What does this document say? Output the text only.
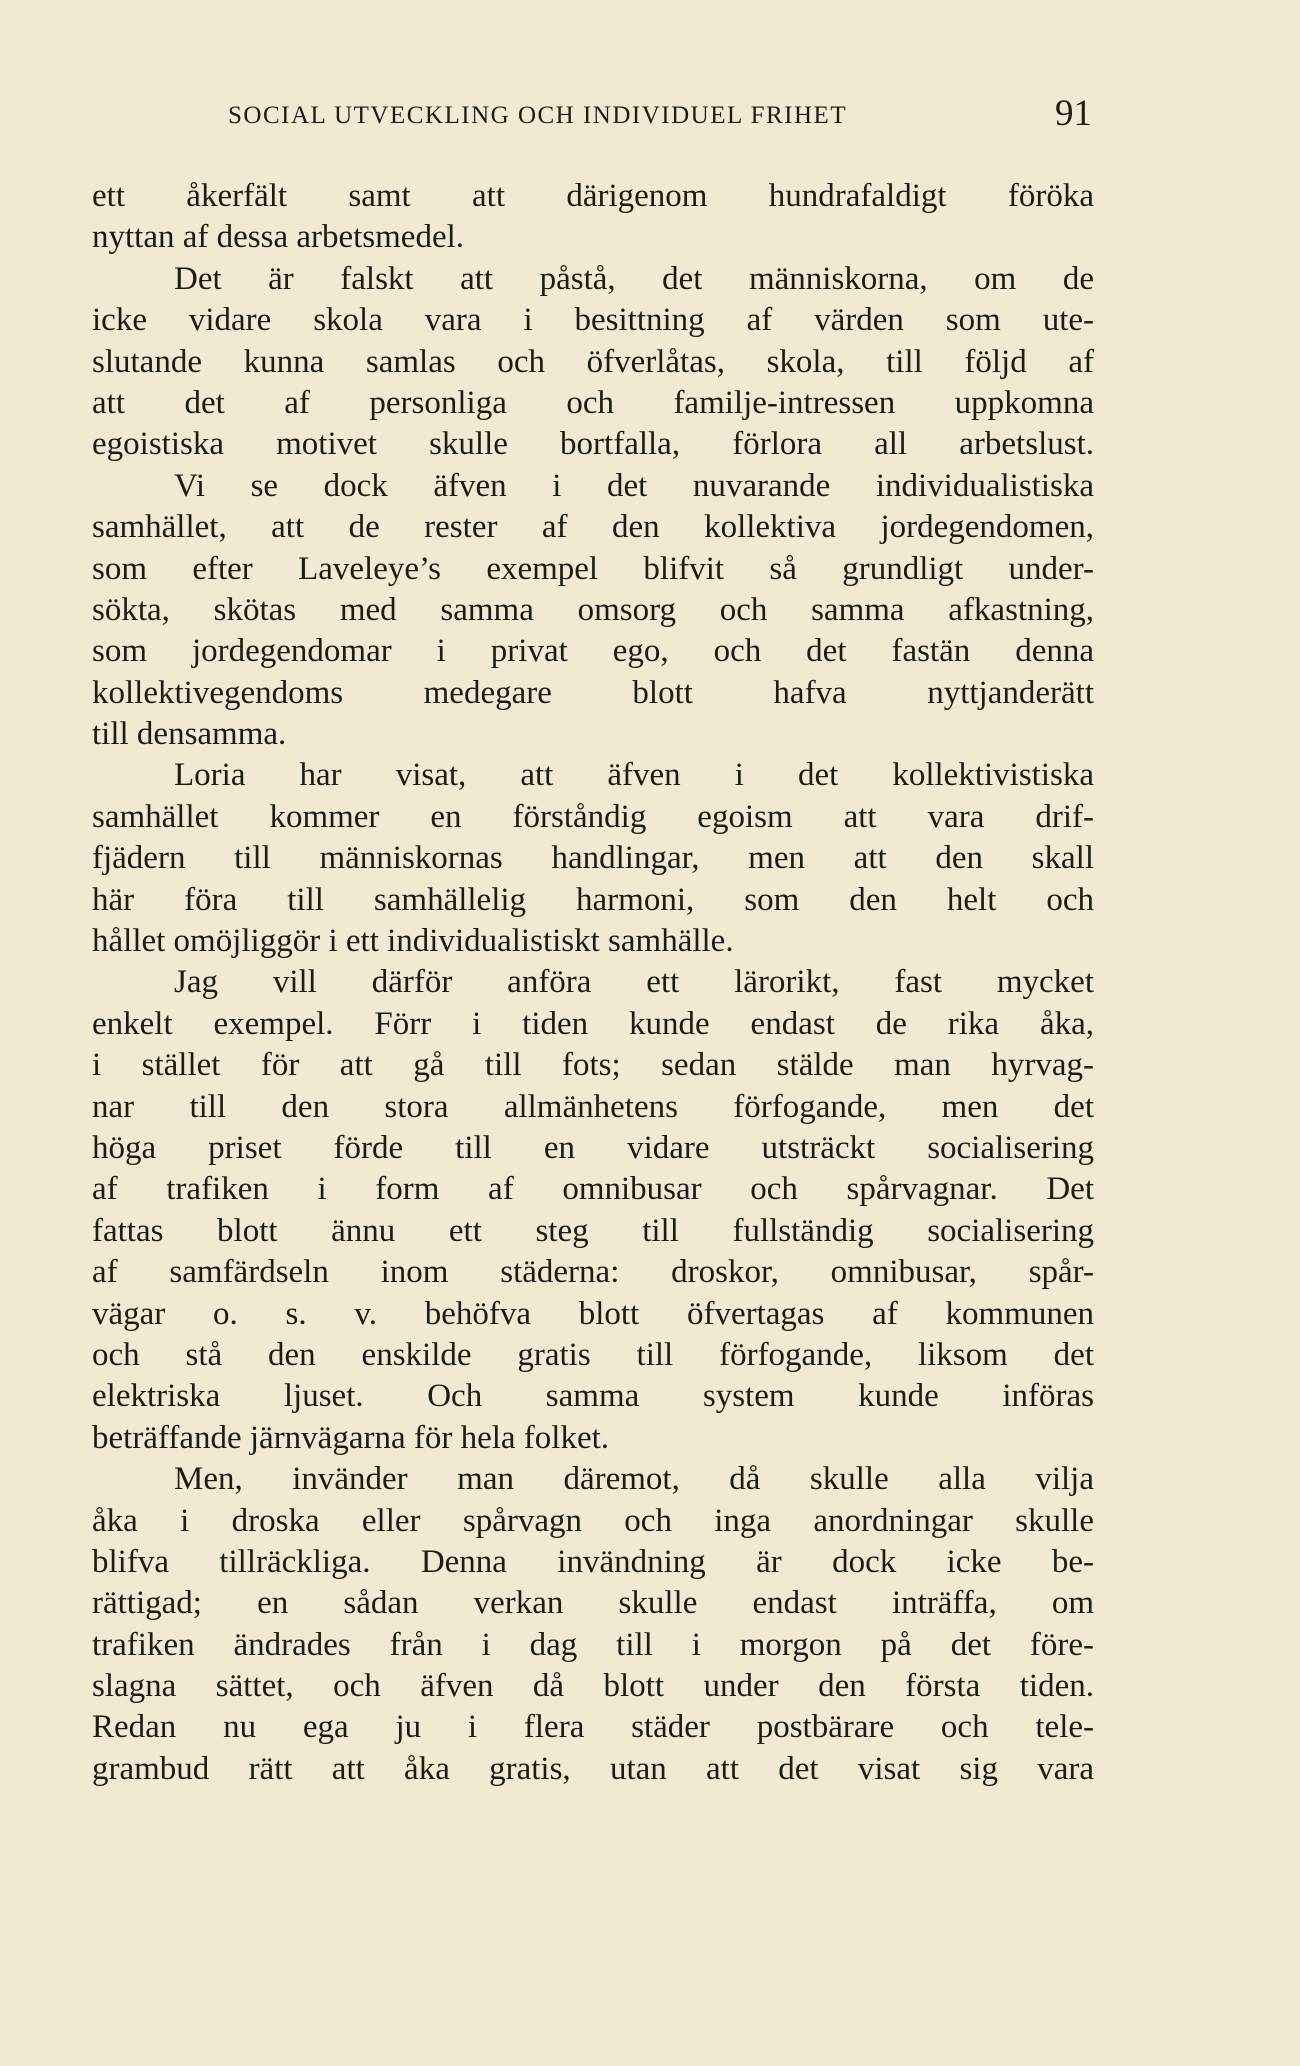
SOCIAL UTVECKLING OCH INDIVIDUEL FRIHET	91
ett åkerfält samt att därigenom hundrafaldigt föröka
nyttan af dessa arbetsmedel.
Det är falskt att påstå, det människorna, om de
icke vidare skola vara i besittning af värden som ute-
slutande kunna samlas och öfverlåtas, skola, till följd af
att det af personliga och familje-intressen uppkomna
egoistiska motivet skulle bortfalla, förlora all arbetslust.
Vi se dock äfven i det nuvarande individualistiska
samhället, att de rester af den kollektiva jordegendomen,
som efter Laveleye’s exempel blifvit så grundligt under-
sökta, skötas med samma omsorg och samma afkastning,
som jordegendomar i privat ego, och det fastän denna
kollektivegendoms medegare blott hafva nyttjanderätt
till densamma.
Loria har visat, att äfven i det kollektivistiska
samhället kommer en förståndig egoism att vara drif-
fjädern till människornas handlingar, men att den skall
här föra till samhällelig harmoni, som den helt och
hållet omöjliggör i ett individualistiskt samhälle.
Jag vill därför anföra ett lärorikt, fast mycket
enkelt exempel. Förr i tiden kunde endast de rika åka,
i stället för att gå till fots; sedan stälde man hyrvag-
nar till den stora allmänhetens förfogande, men det
höga priset förde till en vidare utsträckt socialisering
af trafiken i form af omnibusar och spårvagnar. Det
fattas blott ännu ett steg till fullständig socialisering
af samfärdseln inom städerna: droskor, omnibusar, spår-
vägar o. s. v. behöfva blott öfvertagas af kommunen
och stå den enskilde gratis till förfogande, liksom det
elektriska ljuset. Och samma system kunde införas
beträffande järnvägarna för hela folket.
Men, invänder man däremot, då skulle alla vilja
åka i droska eller spårvagn och inga anordningar skulle
blifva tillräckliga. Denna invändning är dock icke be-
rättigad; en sådan verkan skulle endast inträffa, om
trafiken ändrades från i dag till i morgon på det före-
slagna sättet, och äfven då blott under den första tiden.
Redan nu ega ju i flera städer postbärare och tele-
grambud rätt att åka gratis, utan att det visat sig vara
